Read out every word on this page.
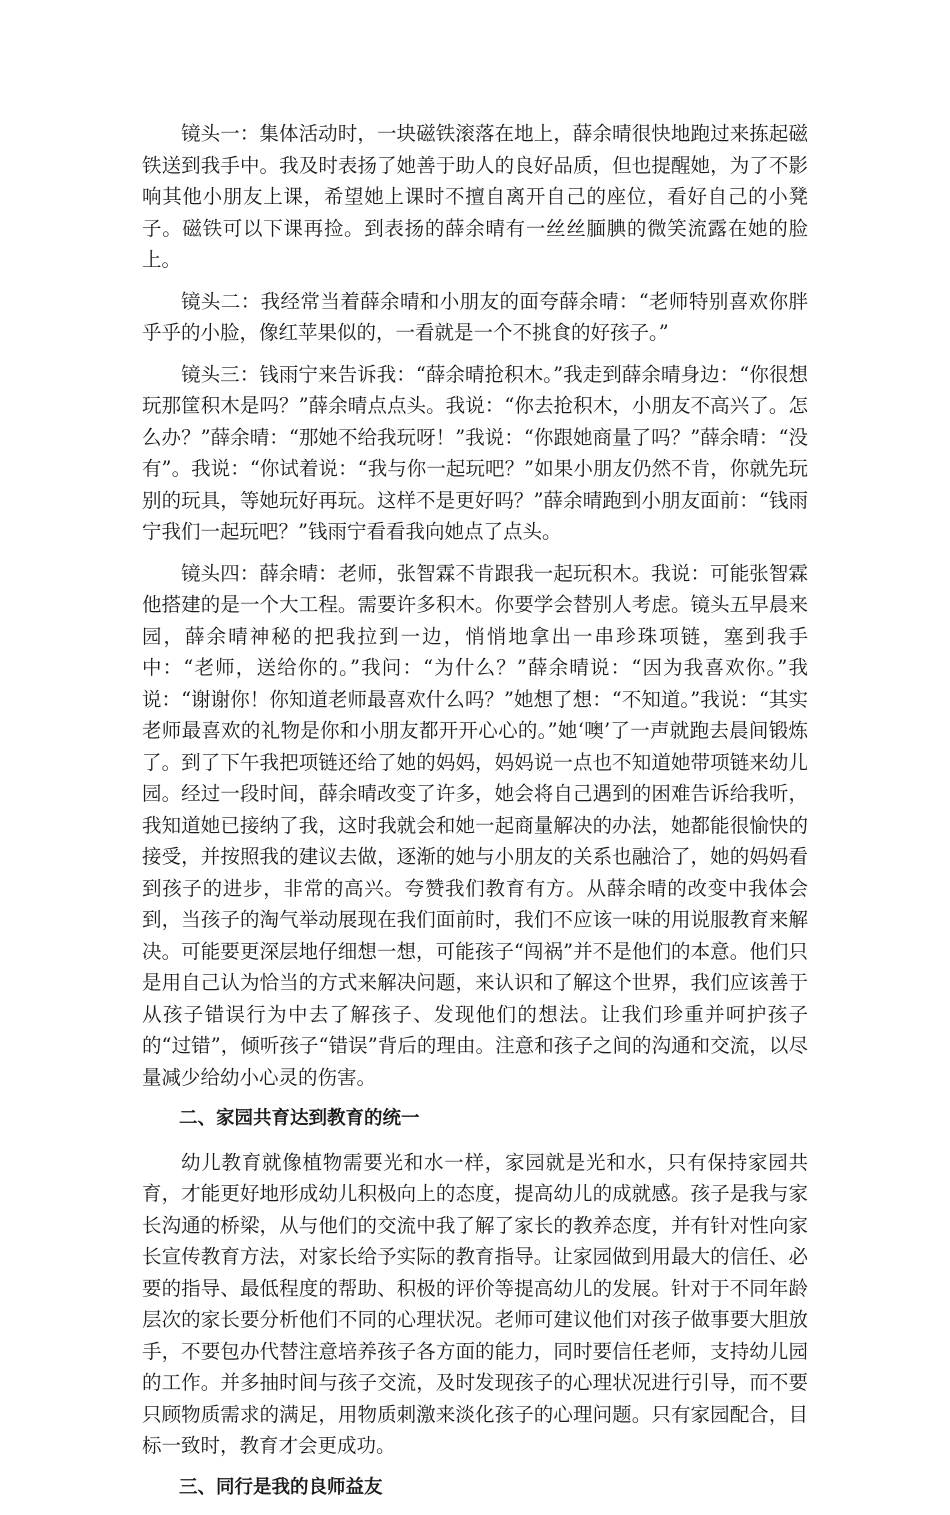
镜头一：集体活动时，一块磁铁滚落在地上，薛余晴很快地跑过来拣起磁铁送到我手中。我及时表扬了她善于助人的良好品质，但也提醒她，为了不影响其他小朋友上课，希望她上课时不擅自离开自己的座位，看好自己的小凳子。磁铁可以下课再捡。到表扬的薛余晴有一丝丝腼腆的微笑流露在她的脸上。

镜头二：我经常当着薛余晴和小朋友的面夸薛余晴：“老师特别喜欢你胖乎乎的小脸，像红苹果似的，一看就是一个不挑食的好孩子。”

镜头三：钱雨宁来告诉我：“薛余晴抢积木。”我走到薛余晴身边：“你很想玩那筐积木是吗？”薛余晴点点头。我说：“你去抢积木，小朋友不高兴了。怎么办？”薛余晴：“那她不给我玩呀！”我说：“你跟她商量了吗？”薛余晴：“没有”。我说：“你试着说：“我与你一起玩吧？”如果小朋友仍然不肯，你就先玩别的玩具，等她玩好再玩。这样不是更好吗？”薛余晴跑到小朋友面前：“钱雨宁我们一起玩吧？”钱雨宁看看我向她点了点头。

镜头四：薛余晴：老师，张智霖不肯跟我一起玩积木。我说：可能张智霖他搭建的是一个大工程。需要许多积木。你要学会替别人考虑。镜头五早晨来园，薛余晴神秘的把我拉到一边，悄悄地拿出一串珍珠项链，塞到我手中：“老师，送给你的。”我问：“为什么？”薛余晴说：“因为我喜欢你。”我说：“谢谢你！你知道老师最喜欢什么吗？”她想了想：“不知道。”我说：“其实老师最喜欢的礼物是你和小朋友都开开心心的。”她‘噢’了一声就跑去晨间锻炼了。到了下午我把项链还给了她的妈妈，妈妈说一点也不知道她带项链来幼儿园。经过一段时间，薛余晴改变了许多，她会将自己遇到的困难告诉给我听，我知道她已接纳了我，这时我就会和她一起商量解决的办法，她都能很愉快的接受，并按照我的建议去做，逐渐的她与小朋友的关系也融洽了，她的妈妈看到孩子的进步，非常的高兴。夸赞我们教育有方。从薛余晴的改变中我体会到，当孩子的淘气举动展现在我们面前时，我们不应该一味的用说服教育来解决。可能要更深层地仔细想一想，可能孩子“闯祸”并不是他们的本意。他们只是用自己认为恰当的方式来解决问题，来认识和了解这个世界，我们应该善于从孩子错误行为中去了解孩子、发现他们的想法。让我们珍重并呵护孩子的“过错”，倾听孩子“错误”背后的理由。注意和孩子之间的沟通和交流，以尽量减少给幼小心灵的伤害。

二、家园共育达到教育的统一

幼儿教育就像植物需要光和水一样，家园就是光和水，只有保持家园共育，才能更好地形成幼儿积极向上的态度，提高幼儿的成就感。孩子是我与家长沟通的桥梁，从与他们的交流中我了解了家长的教养态度，并有针对性向家长宣传教育方法，对家长给予实际的教育指导。让家园做到用最大的信任、必要的指导、最低程度的帮助、积极的评价等提高幼儿的发展。针对于不同年龄层次的家长要分析他们不同的心理状况。老师可建议他们对孩子做事要大胆放手，不要包办代替注意培养孩子各方面的能力，同时要信任老师，支持幼儿园的工作。并多抽时间与孩子交流，及时发现孩子的心理状况进行引导，而不要只顾物质需求的满足，用物质刺激来淡化孩子的心理问题。只有家园配合，目标一致时，教育才会更成功。

三、同行是我的良师益友
